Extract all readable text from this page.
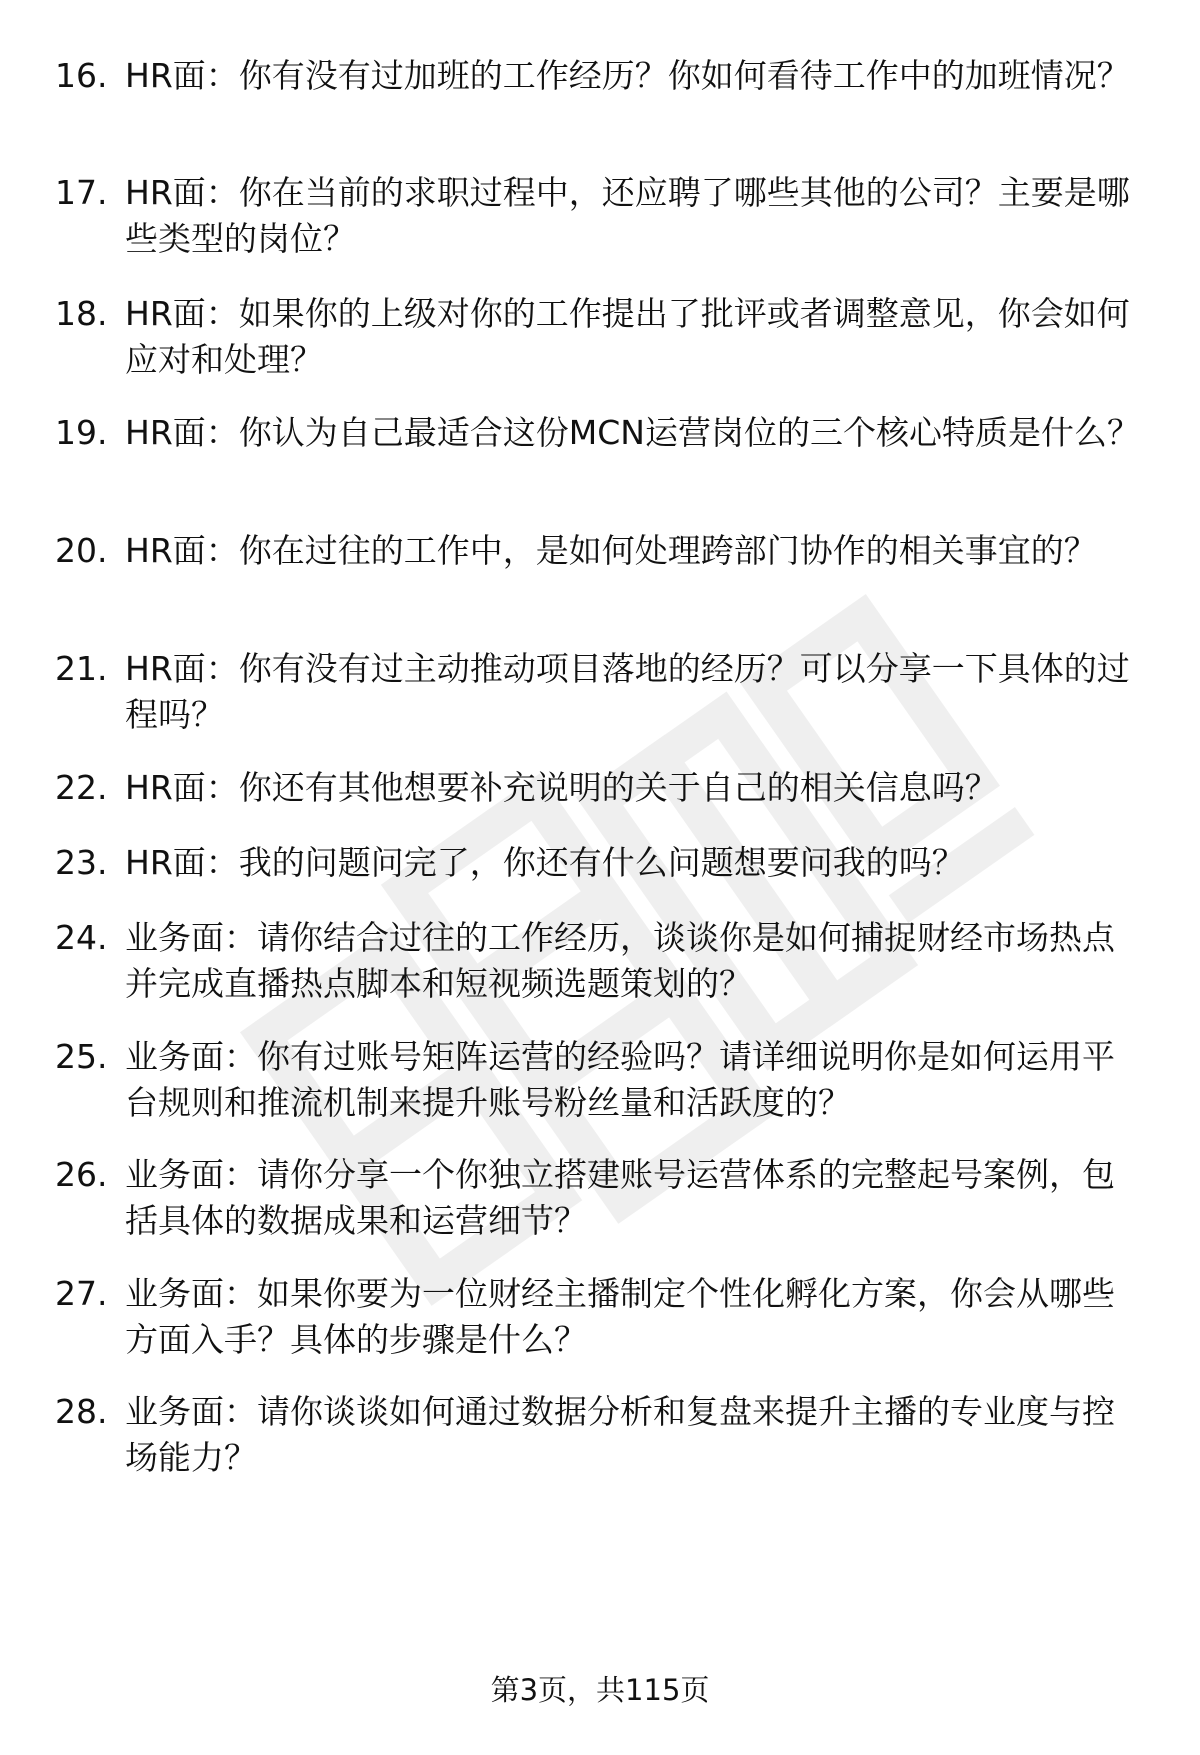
16. HR面：你有没有过加班的工作经历？你如何看待工作中的加班情况？
17. HR面：你在当前的求职过程中，还应聘了哪些其他的公司？主要是哪些类型的岗位？
18. HR面：如果你的上级对你的工作提出了批评或者调整意见，你会如何应对和处理？
19. HR面：你认为自己最适合这份MCN运营岗位的三个核心特质是什么？
20. HR面：你在过往的工作中，是如何处理跨部门协作的相关事宜的？
21. HR面：你有没有过主动推动项目落地的经历？可以分享一下具体的过程吗？
22. HR面：你还有其他想要补充说明的关于自己的相关信息吗？
23. HR面：我的问题问完了，你还有什么问题想要问我的吗？
24. 业务面：请你结合过往的工作经历，谈谈你是如何捕捉财经市场热点并完成直播热点脚本和短视频选题策划的？
25. 业务面：你有过账号矩阵运营的经验吗？请详细说明你是如何运用平台规则和推流机制来提升账号粉丝量和活跃度的？
26. 业务面：请你分享一个你独立搭建账号运营体系的完整起号案例，包括具体的数据成果和运营细节？
27. 业务面：如果你要为一位财经主播制定个性化孵化方案，你会从哪些方面入手？具体的步骤是什么？
28. 业务面：请你谈谈如何通过数据分析和复盘来提升主播的专业度与控场能力？
第3页，共115页
